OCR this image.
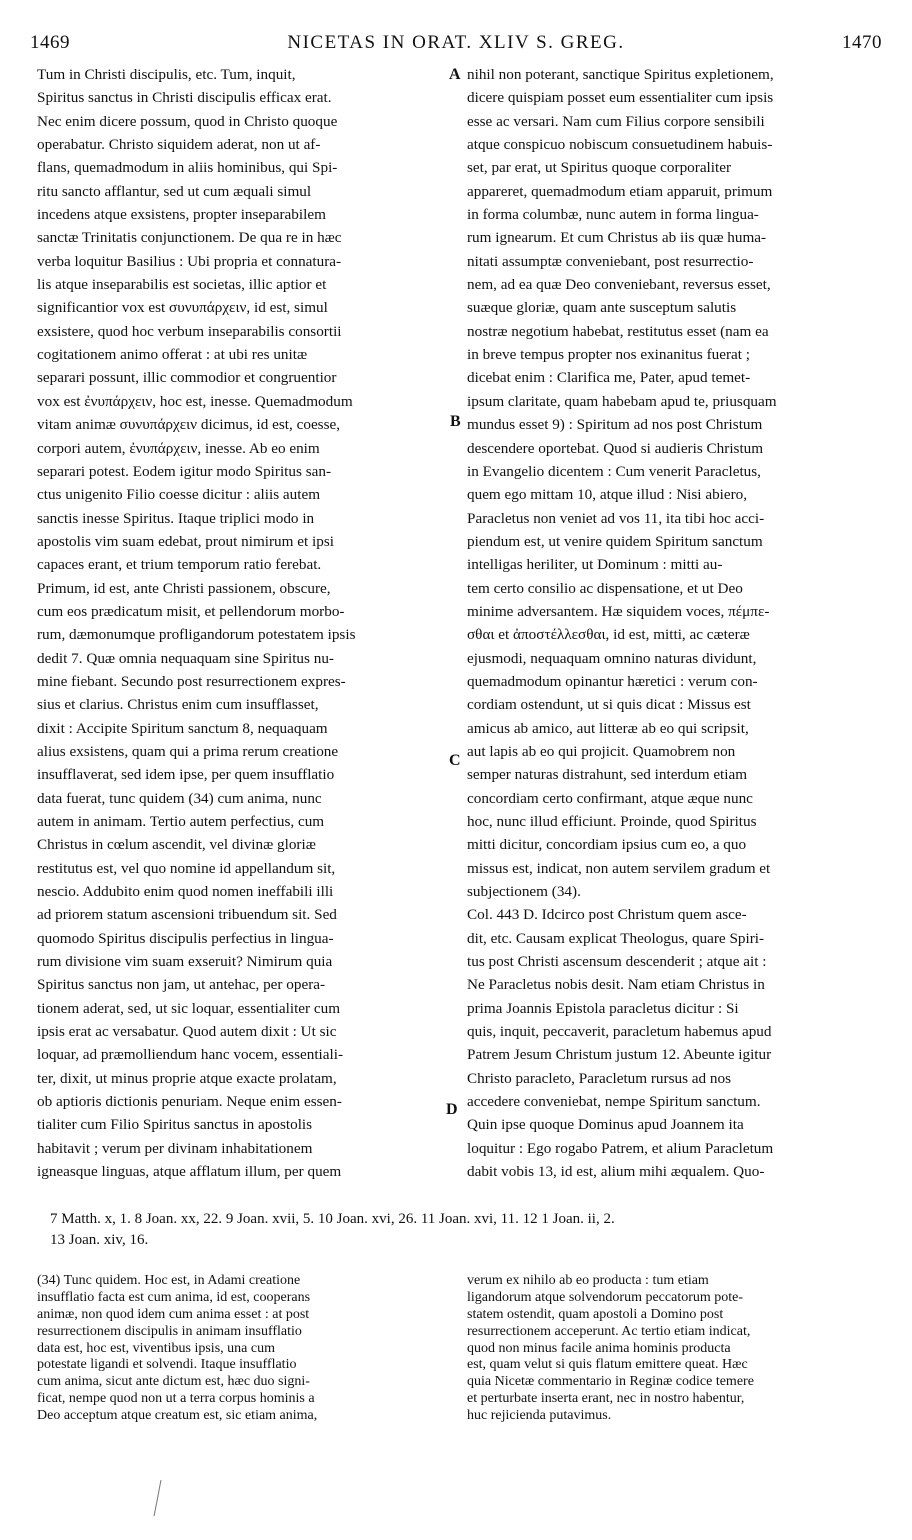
1469	NICETAS IN ORAT. XLIV S. GREG.	1470
Tum in Christi discipulis, etc. Tum, inquit,
Spiritus sanctus in Christi discipulis efficax erat.
Nec enim dicere possum, quod in Christo quoque
operabatur. Christo siquidem aderat, non ut af-
flans, quemadmodum in aliis hominibus, qui Spi-
ritu sancto afflantur, sed ut cum æquali simul
incedens atque exsistens, propter inseparabilem
sanctæ Trinitatis conjunctionem. De qua re in hæc
verba loquitur Basilius : Ubi propria et connatura-
lis atque inseparabilis est societas, illic aptior et
significantior vox est συνυπάρχειν, id est, simul
exsistere, quod hoc verbum inseparabilis consortii
cogitationem animo offerat : at ubi res unitæ
separari possunt, illic commodior et congruentior
vox est ἐνυπάρχειν, hoc est, inesse. Quemadmodum
vitam animæ συνυπάρχειν dicimus, id est, coesse,
corpori autem, ἐνυπάρχειν, inesse. Ab eo enim
separari potest. Eodem igitur modo Spiritus san-
ctus unigenito Filio coesse dicitur : aliis autem
sanctis inesse Spiritus. Itaque triplici modo in
apostolis vim suam edebat, prout nimirum et ipsi
capaces erant, et trium temporum ratio ferebat.
Primum, id est, ante Christi passionem, obscure,
cum eos prædicatum misit, et pellendorum morbo-
rum, dæmonumque profligandorum potestatem ipsis
dedit 7. Quæ omnia nequaquam sine Spiritus nu-
mine fiebant. Secundo post resurrectionem expres-
sius et clarius. Christus enim cum insufflasset,
dixit : Accipite Spiritum sanctum 8, nequaquam
alius exsistens, quam qui a prima rerum creatione
insufflaverat, sed idem ipse, per quem insufflatio
data fuerat, tunc quidem (34) cum anima, nunc
autem in animam. Tertio autem perfectius, cum
Christus in cœlum ascendit, vel divinæ gloriæ
restitutus est, vel quo nomine id appellandum sit,
nescio. Addubito enim quod nomen ineffabili illi
ad priorem statum ascensioni tribuendum sit. Sed
quomodo Spiritus discipulis perfectius in lingua-
rum divisione vim suam exseruit? Nimirum quia
Spiritus sanctus non jam, ut antehac, per opera-
tionem aderat, sed, ut sic loquar, essentialiter cum
ipsis erat ac versabatur. Quod autem dixit : Ut sic
loquar, ad præmolliendum hanc vocem, essentiali-
ter, dixit, ut minus proprie atque exacte prolatam,
ob aptioris dictionis penuriam. Neque enim essen-
tialiter cum Filio Spiritus sanctus in apostolis
habitavit ; verum per divinam inhabitationem
igneasque linguas, atque afflatum illum, per quem
nihil non poterant, sanctique Spiritus expletionem,
dicere quispiam posset eum essentialiter cum ipsis
esse ac versari. Nam cum Filius corpore sensibili
atque conspicuo nobiscum consuetudinem habuis-
set, par erat, ut Spiritus quoque corporaliter
appareret, quemadmodum etiam apparuit, primum
in forma columbæ, nunc autem in forma lingua-
rum ignearum. Et cum Christus ab iis quæ huma-
nitati assumptæ conveniebant, post resurrectio-
nem, ad ea quæ Deo conveniebant, reversus esset,
suæque gloriæ, quam ante susceptum salutis
nostræ negotium habebat, restitutus esset (nam ea
in breve tempus propter nos exinanitus fuerat ;
dicebat enim : Clarifica me, Pater, apud temet-
ipsum claritate, quam habebam apud te, priusquam
mundus esset 9) : Spiritum ad nos post Christum
descendere oportebat. Quod si audieris Christum
in Evangelio dicentem : Cum venerit Paracletus,
quem ego mittam 10, atque illud : Nisi abiero,
Paracletus non veniet ad vos 11, ita tibi hoc acci-
piendum est, ut venire quidem Spiritum sanctum
intelligas heriliter, ut Dominum : mitti au-
tem certo consilio ac dispensatione, et ut Deo
minime adversantem. Hæ siquidem voces, πέμπε-
σθαι et ἀποστέλλεσθαι, id est, mitti, ac cæteræ
ejusmodi, nequaquam omnino naturas dividunt,
quemadmodum opinantur hæretici : verum con-
cordiam ostendunt, ut si quis dicat : Missus est
amicus ab amico, aut litteræ ab eo qui scripsit,
aut lapis ab eo qui projicit. Quamobrem non
semper naturas distrahunt, sed interdum etiam
concordiam certo confirmant, atque æque nunc
hoc, nunc illud efficiunt. Proinde, quod Spiritus
mitti dicitur, concordiam ipsius cum eo, a quo
missus est, indicat, non autem servilem gradum et
subjectionem (34).
Col. 443 D. Idcirco post Christum quem asce-
dit, etc. Causam explicat Theologus, quare Spiri-
tus post Christi ascensum descenderit ; atque ait :
Ne Paracletus nobis desit. Nam etiam Christus in
prima Joannis Epistola paracletus dicitur : Si
quis, inquit, peccaverit, paracletum habemus apud
Patrem Jesum Christum justum 12. Abeunte igitur
Christo paracleto, Paracletum rursus ad nos
accedere conveniebat, nempe Spiritum sanctum.
Quin ipse quoque Dominus apud Joannem ita
loquitur : Ego rogabo Patrem, et alium Paracletum
dabit vobis 13, id est, alium mihi æqualem. Quo-
A
B
C
D
7 Matth. x, 1. 8 Joan. xx, 22. 9 Joan. xvii, 5. 10 Joan. xvi, 26. 11 Joan. xvi, 11. 12 1 Joan. ii, 2.
13 Joan. xiv, 16.
(34) Tunc quidem. Hoc est, in Adami creatione
insufflatio facta est cum anima, id est, cooperans
animæ, non quod idem cum anima esset : at post
resurrectionem discipulis in animam insufflatio
data est, hoc est, viventibus ipsis, una cum
potestate ligandi et solvendi. Itaque insufflatio
cum anima, sicut ante dictum est, hæc duo signi-
ficat, nempe quod non ut a terra corpus hominis a
Deo acceptum atque creatum est, sic etiam anima,
verum ex nihilo ab eo producta : tum etiam
ligandorum atque solvendorum peccatorum pote-
statem ostendit, quam apostoli a Domino post
resurrectionem acceperunt. Ac tertio etiam indicat,
quod non minus facile anima hominis producta
est, quam velut si quis flatum emittere queat. Hæc
quia Nicetæ commentario in Reginæ codice temere
et perturbate inserta erant, nec in nostro habentur,
huc rejicienda putavimus.
